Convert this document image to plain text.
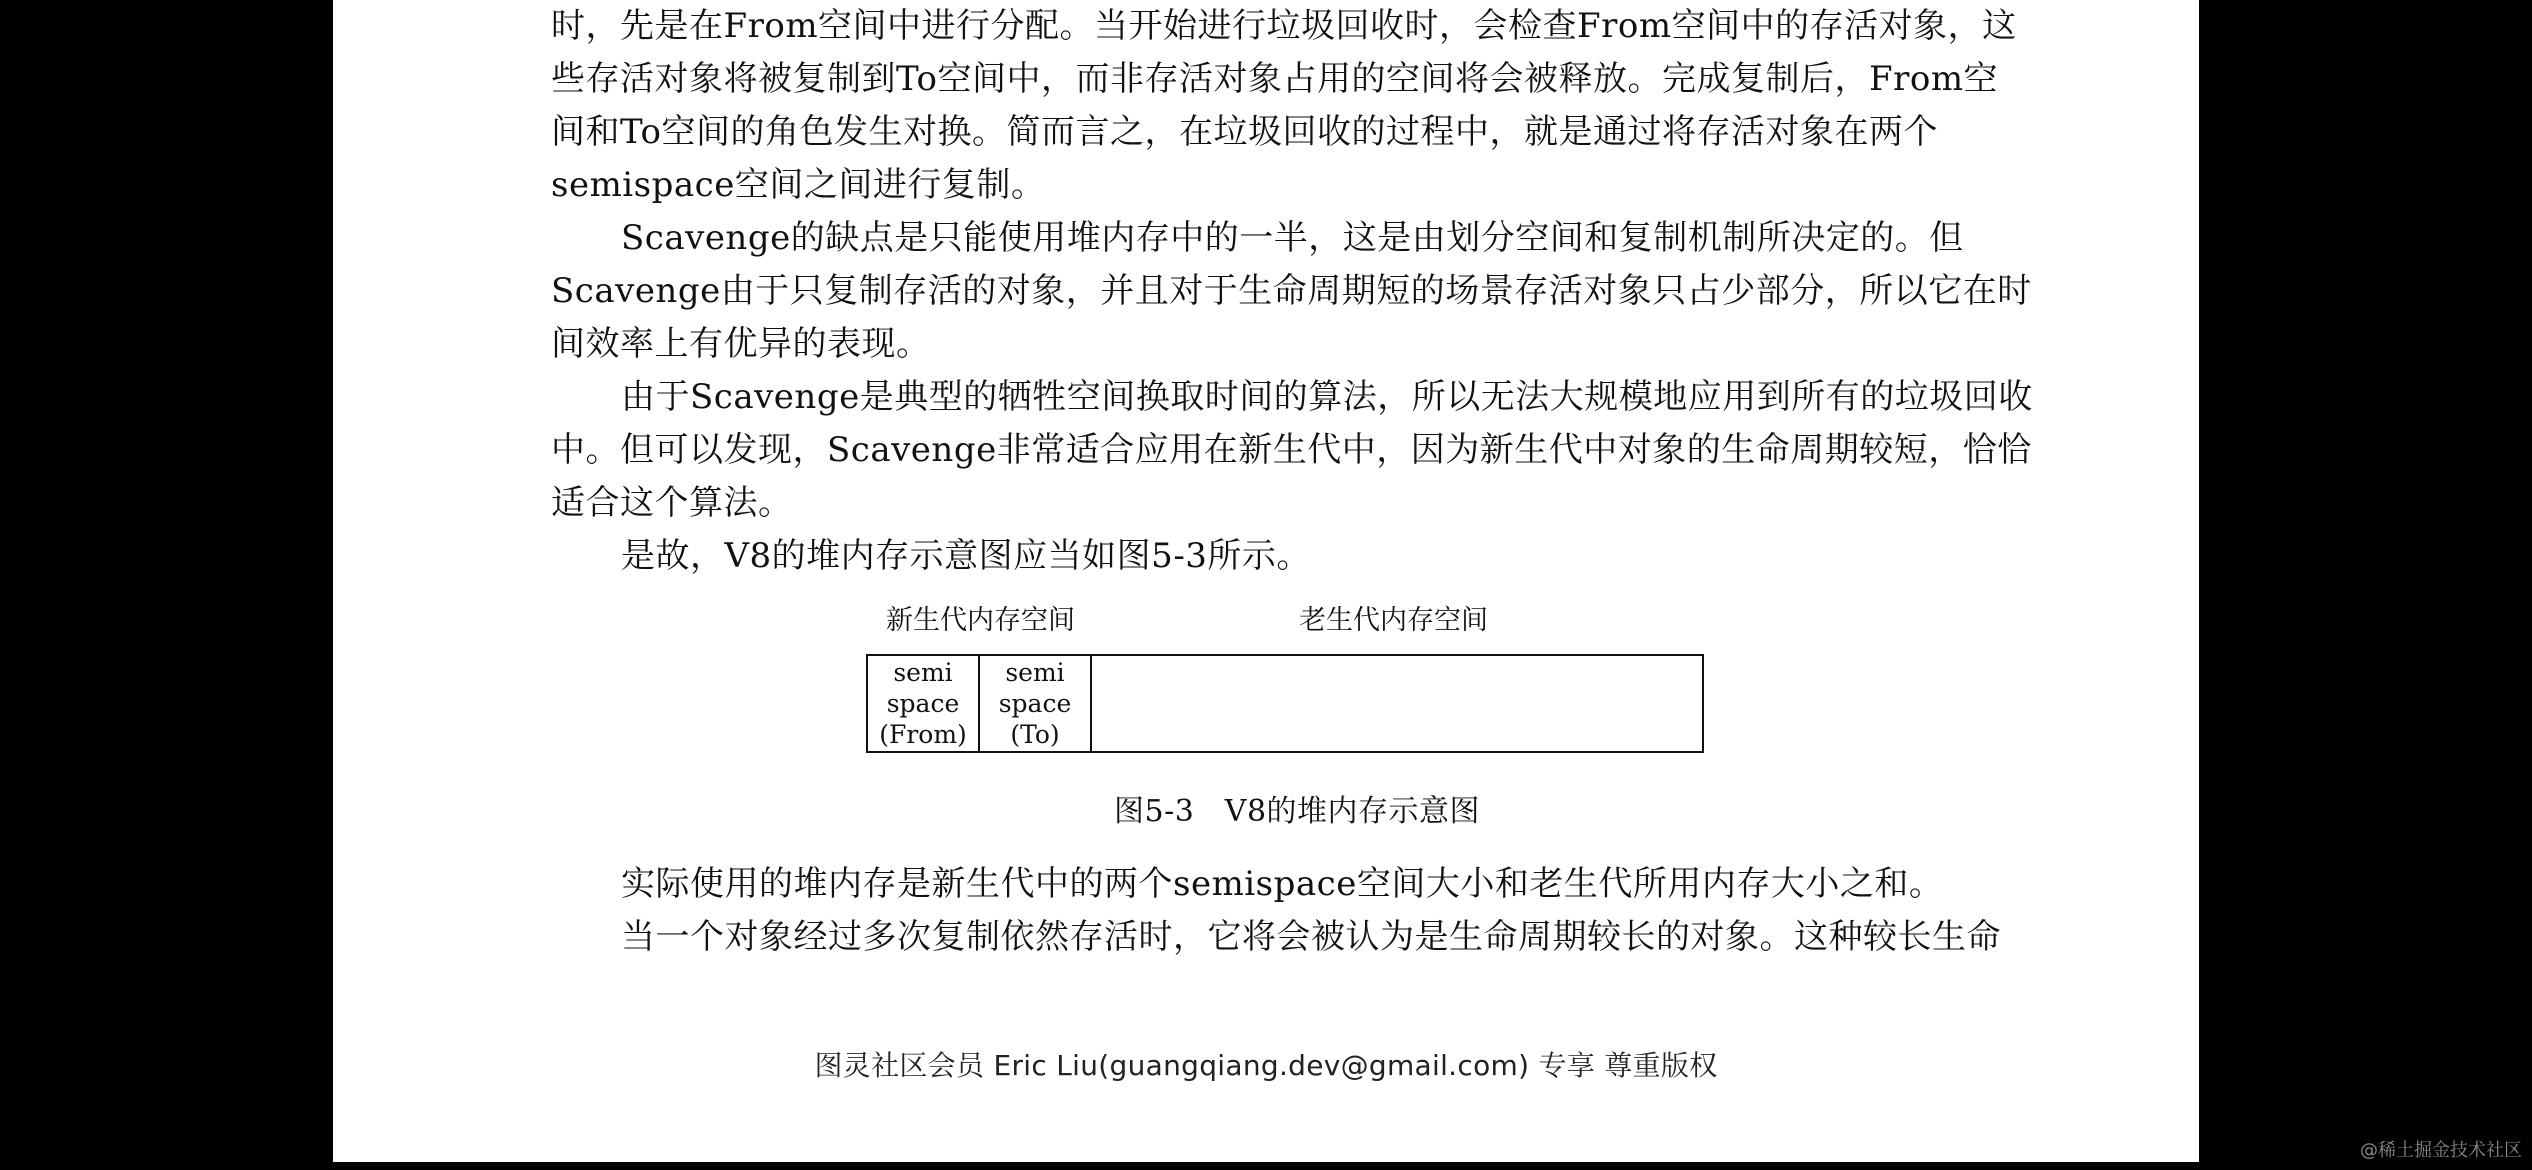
时，先是在From空间中进行分配。当开始进行垃圾回收时，会检查From空间中的存活对象，这
些存活对象将被复制到To空间中，而非存活对象占用的空间将会被释放。完成复制后，From空
间和To空间的角色发生对换。简而言之，在垃圾回收的过程中，就是通过将存活对象在两个
semispace空间之间进行复制。
Scavenge的缺点是只能使用堆内存中的一半，这是由划分空间和复制机制所决定的。但
Scavenge由于只复制存活的对象，并且对于生命周期短的场景存活对象只占少部分，所以它在时
间效率上有优异的表现。
由于Scavenge是典型的牺牲空间换取时间的算法，所以无法大规模地应用到所有的垃圾回收
中。但可以发现，Scavenge非常适合应用在新生代中，因为新生代中对象的生命周期较短，恰恰
适合这个算法。
是故，V8的堆内存示意图应当如图5-3所示。
新生代内存空间	老生代内存空间
semi
space
(From)
semi
space
(To)
图5-3　V8的堆内存示意图
实际使用的堆内存是新生代中的两个semispace空间大小和老生代所用内存大小之和。
当一个对象经过多次复制依然存活时，它将会被认为是生命周期较长的对象。这种较长生命
图灵社区会员 Eric Liu(guangqiang.dev@gmail.com) 专享 尊重版权
@稀土掘金技术社区
